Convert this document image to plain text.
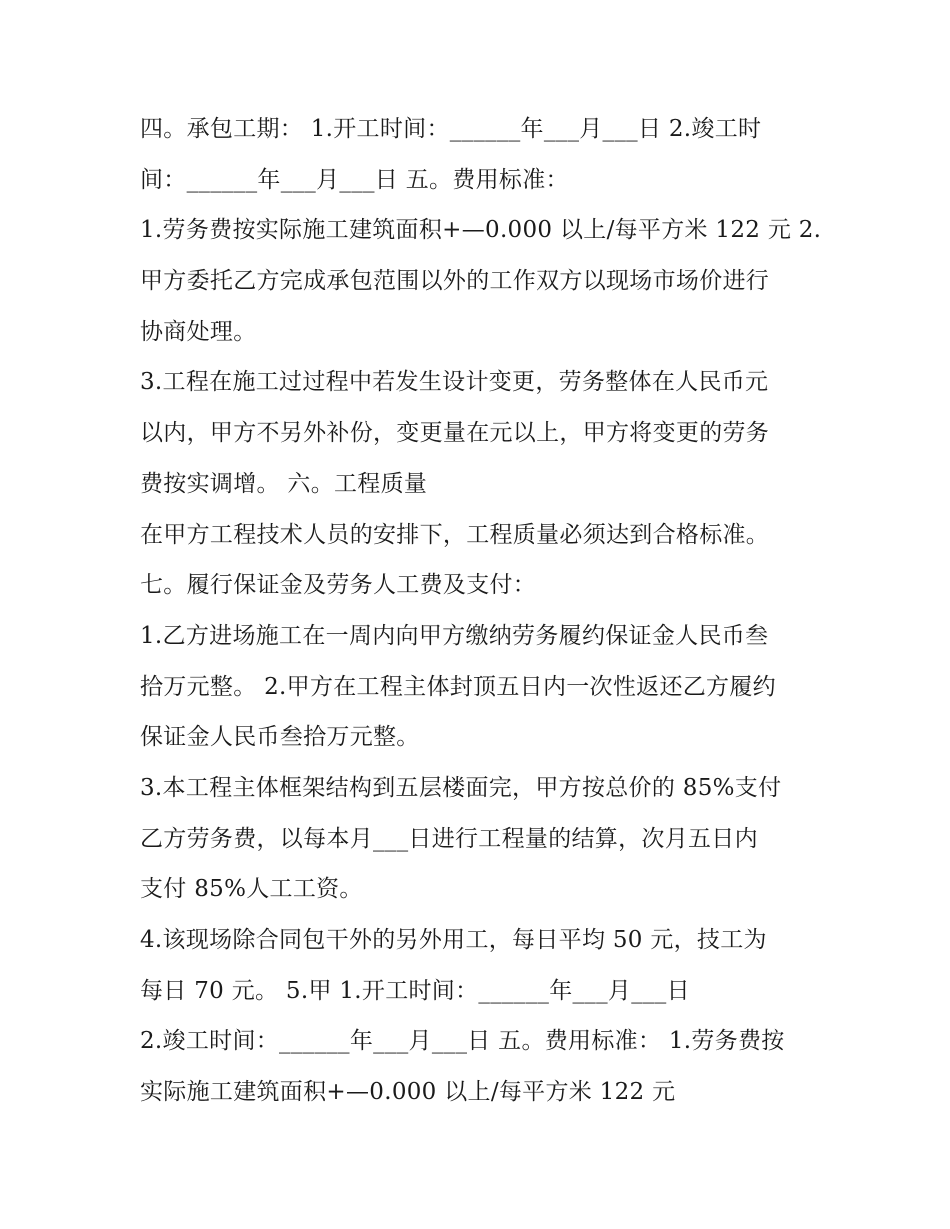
四。承包工期： 1.开工时间：______年___月___日 2.竣工时
间：______年___月___日 五。费用标准：
1.劳务费按实际施工建筑面积+—0.000 以上/每平方米 122 元 2.
甲方委托乙方完成承包范围以外的工作双方以现场市场价进行
协商处理。
3.工程在施工过过程中若发生设计变更，劳务整体在人民币元
以内，甲方不另外补份，变更量在元以上，甲方将变更的劳务
费按实调增。 六。工程质量
在甲方工程技术人员的安排下，工程质量必须达到合格标准。
七。履行保证金及劳务人工费及支付：
1.乙方进场施工在一周内向甲方缴纳劳务履约保证金人民币叁
拾万元整。 2.甲方在工程主体封顶五日内一次性返还乙方履约
保证金人民币叁拾万元整。
3.本工程主体框架结构到五层楼面完，甲方按总价的 85%支付
乙方劳务费，以每本月___日进行工程量的结算，次月五日内
支付 85%人工工资。
4.该现场除合同包干外的另外用工，每日平均 50 元，技工为
每日 70 元。 5.甲 1.开工时间：______年___月___日
2.竣工时间：______年___月___日 五。费用标准： 1.劳务费按
实际施工建筑面积+—0.000 以上/每平方米 122 元
